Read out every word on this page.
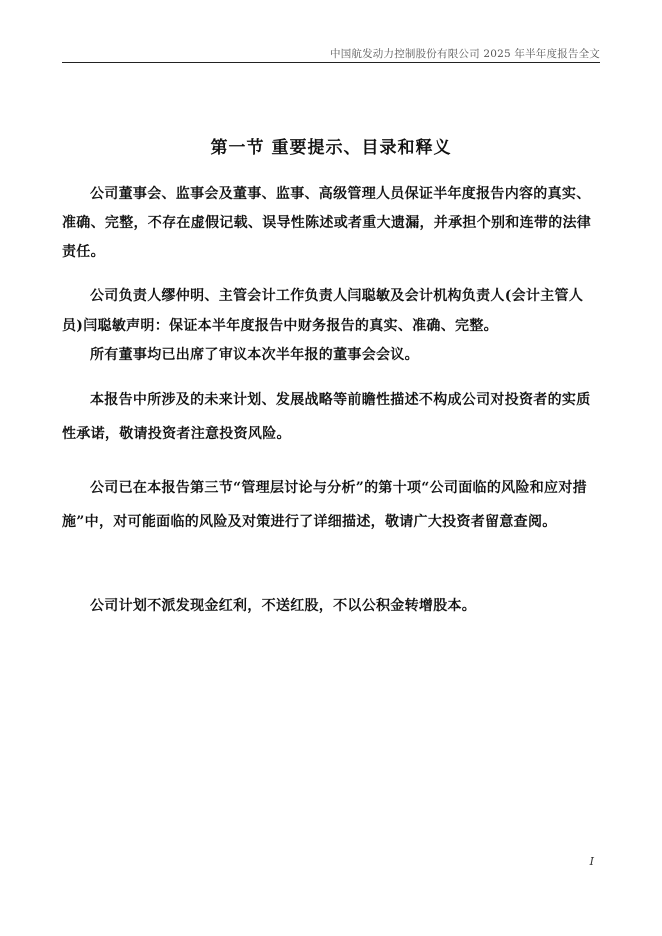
中国航发动力控制股份有限公司 2025 年半年度报告全文
第一节 重要提示、目录和释义

公司董事会、监事会及董事、监事、高级管理人员保证半年度报告内容的真实、准确、完整，不存在虚假记载、误导性陈述或者重大遗漏，并承担个别和连带的法律责任。

公司负责人缪仲明、主管会计工作负责人闫聪敏及会计机构负责人(会计主管人员)闫聪敏声明：保证本半年度报告中财务报告的真实、准确、完整。

所有董事均已出席了审议本次半年报的董事会会议。

本报告中所涉及的未来计划、发展战略等前瞻性描述不构成公司对投资者的实质性承诺，敬请投资者注意投资风险。

公司已在本报告第三节“管理层讨论与分析”的第十项“公司面临的风险和应对措施”中，对可能面临的风险及对策进行了详细描述，敬请广大投资者留意查阅。

公司计划不派发现金红利，不送红股，不以公积金转增股本。

I
